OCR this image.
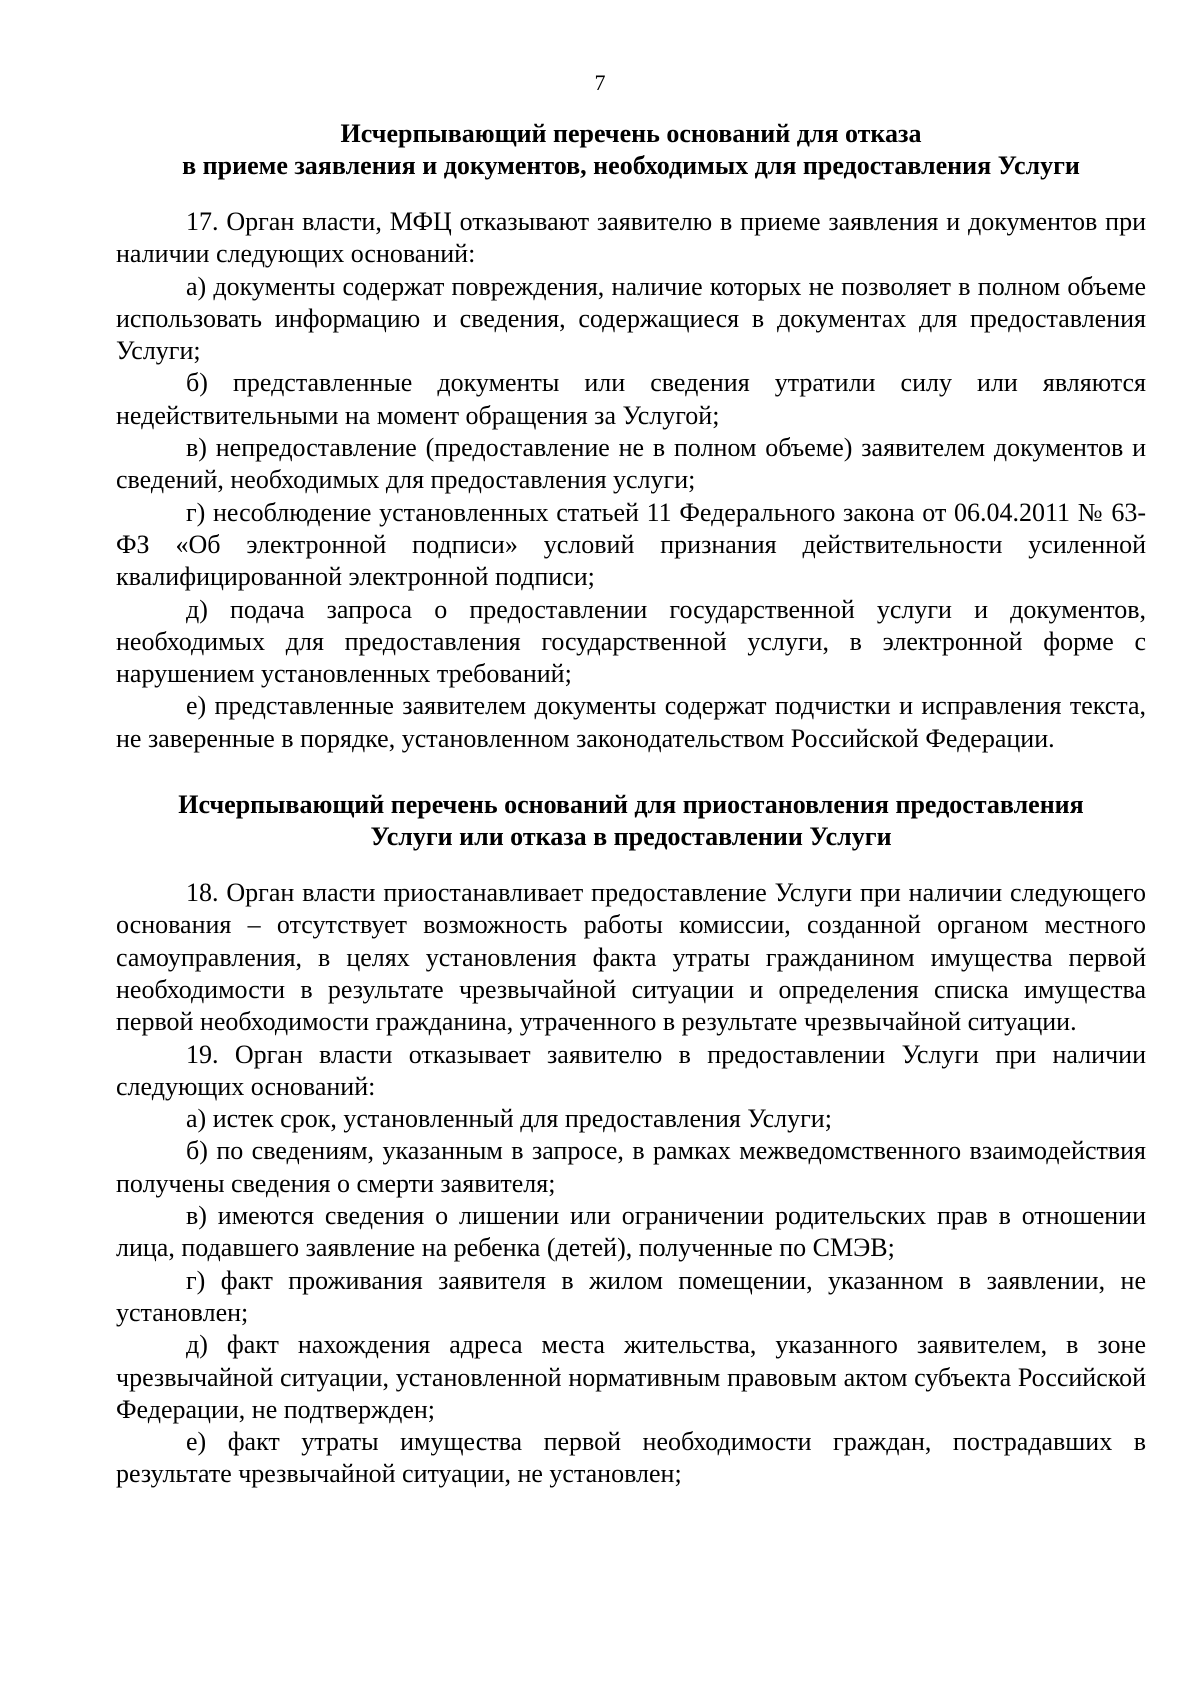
7
Исчерпывающий перечень оснований для отказа
в приеме заявления и документов, необходимых для предоставления Услуги

17. Орган власти, МФЦ отказывают заявителю в приеме заявления и документов при наличии следующих оснований:

а) документы содержат повреждения, наличие которых не позволяет в полном объеме использовать информацию и сведения, содержащиеся в документах для предоставления Услуги;

б) представленные документы или сведения утратили силу или являются недействительными на момент обращения за Услугой;

в) непредоставление (предоставление не в полном объеме) заявителем документов и сведений, необходимых для предоставления услуги;

г) несоблюдение установленных статьей 11 Федерального закона от 06.04.2011 № 63-ФЗ «Об электронной подписи» условий признания действительности усиленной квалифицированной электронной подписи;

д) подача запроса о предоставлении государственной услуги и документов, необходимых для предоставления государственной услуги, в электронной форме с нарушением установленных требований;

е) представленные заявителем документы содержат подчистки и исправления текста, не заверенные в порядке, установленном законодательством Российской Федерации.

Исчерпывающий перечень оснований для приостановления предоставления
Услуги или отказа в предоставлении Услуги

18. Орган власти приостанавливает предоставление Услуги при наличии следующего основания – отсутствует возможность работы комиссии, созданной органом местного самоуправления, в целях установления факта утраты гражданином имущества первой необходимости в результате чрезвычайной ситуации и определения списка имущества первой необходимости гражданина, утраченного в результате чрезвычайной ситуации.

19. Орган власти отказывает заявителю в предоставлении Услуги при наличии следующих оснований:

а) истек срок, установленный для предоставления Услуги;

б) по сведениям, указанным в запросе, в рамках межведомственного взаимодействия получены сведения о смерти заявителя;

в) имеются сведения о лишении или ограничении родительских прав в отношении лица, подавшего заявление на ребенка (детей), полученные по СМЭВ;

г) факт проживания заявителя в жилом помещении, указанном в заявлении, не установлен;

д) факт нахождения адреса места жительства, указанного заявителем, в зоне чрезвычайной ситуации, установленной нормативным правовым актом субъекта Российской Федерации, не подтвержден;

е) факт утраты имущества первой необходимости граждан, пострадавших в результате чрезвычайной ситуации, не установлен;
